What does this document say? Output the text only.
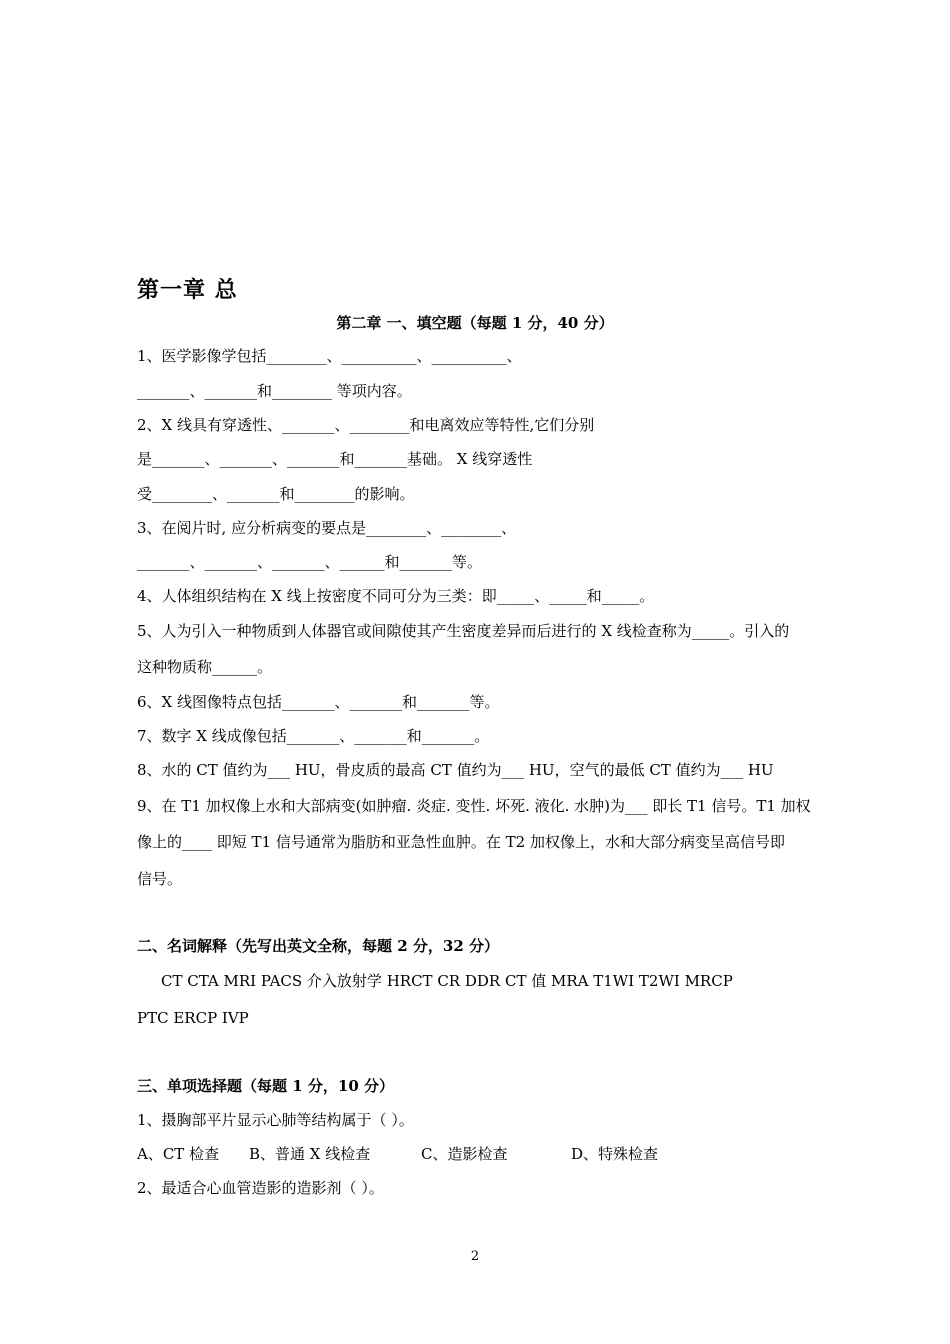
第一章 总
第二章 一、填空题（每题 1 分，40 分）
1、医学影像学包括________、__________、__________、
_______、_______和________ 等项内容。
2、X 线具有穿透性、_______、________和电离效应等特性,它们分别
是_______、_______、_______和_______基础。 X 线穿透性
受________、_______和________的影响。
3、在阅片时, 应分析病变的要点是________、________、
_______、_______、_______、______和_______等。
4、人体组织结构在 X 线上按密度不同可分为三类：即_____、_____和_____。
5、人为引入一种物质到人体器官或间隙使其产生密度差异而后进行的 X 线检查称为_____。引入的
这种物质称______。
6、X 线图像特点包括_______、_______和_______等。
7、数字 X 线成像包括_______、_______和_______。
8、水的 CT 值约为___ HU，骨皮质的最高 CT 值约为___ HU，空气的最低 CT 值约为___ HU
9、在 T1 加权像上水和大部病变(如肿瘤. 炎症. 变性. 坏死. 液化. 水肿)为___ 即长 T1 信号。T1 加权
像上的____ 即短 T1 信号通常为脂肪和亚急性血肿。在 T2 加权像上，水和大部分病变呈高信号即
信号。
二、名词解释（先写出英文全称，每题 2 分，32 分）
CT CTA MRI PACS 介入放射学 HRCT CR DDR CT 值 MRA T1WI T2WI MRCP
PTC ERCP IVP
三、单项选择题（每题 1 分，10 分）
1、摄胸部平片显示心肺等结构属于（ ）。
A、CT 检查 B、普通 X 线检查	C、造影检查	D、特殊检查
2、最适合心血管造影的造影剂（ ）。
2
